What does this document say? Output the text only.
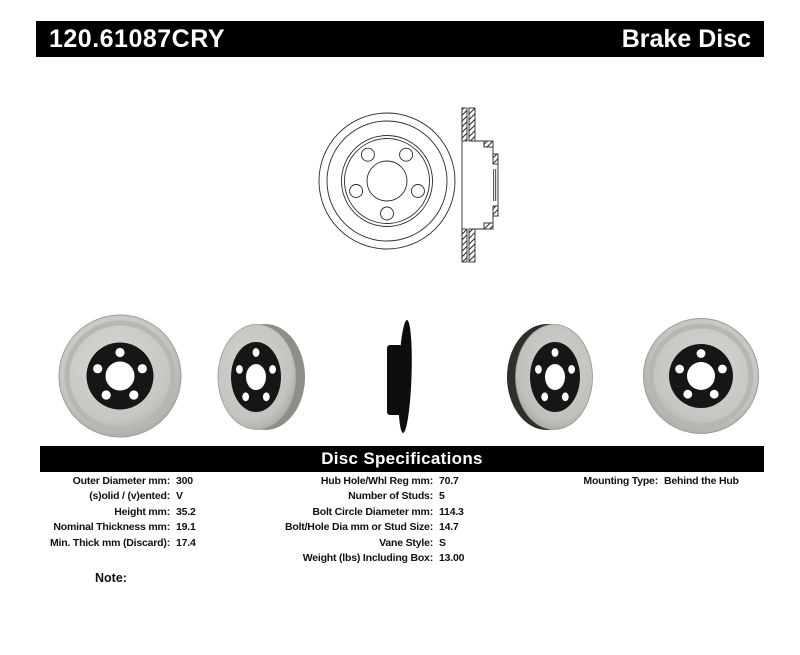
120.61087CRY	Brake Disc
Disc Specifications
Outer Diameter mm: 300
(s)olid / (v)ented: V
Height mm: 35.2
Nominal Thickness mm: 19.1
Min. Thick mm (Discard): 17.4
Hub Hole/Whl Reg mm: 70.7
Number of Studs: 5
Bolt Circle Diameter mm: 114.3
Bolt/Hole Dia mm or Stud Size: 14.7
Vane Style: S
Weight (lbs) Including Box: 13.00
Mounting Type: Behind the Hub
Note:
